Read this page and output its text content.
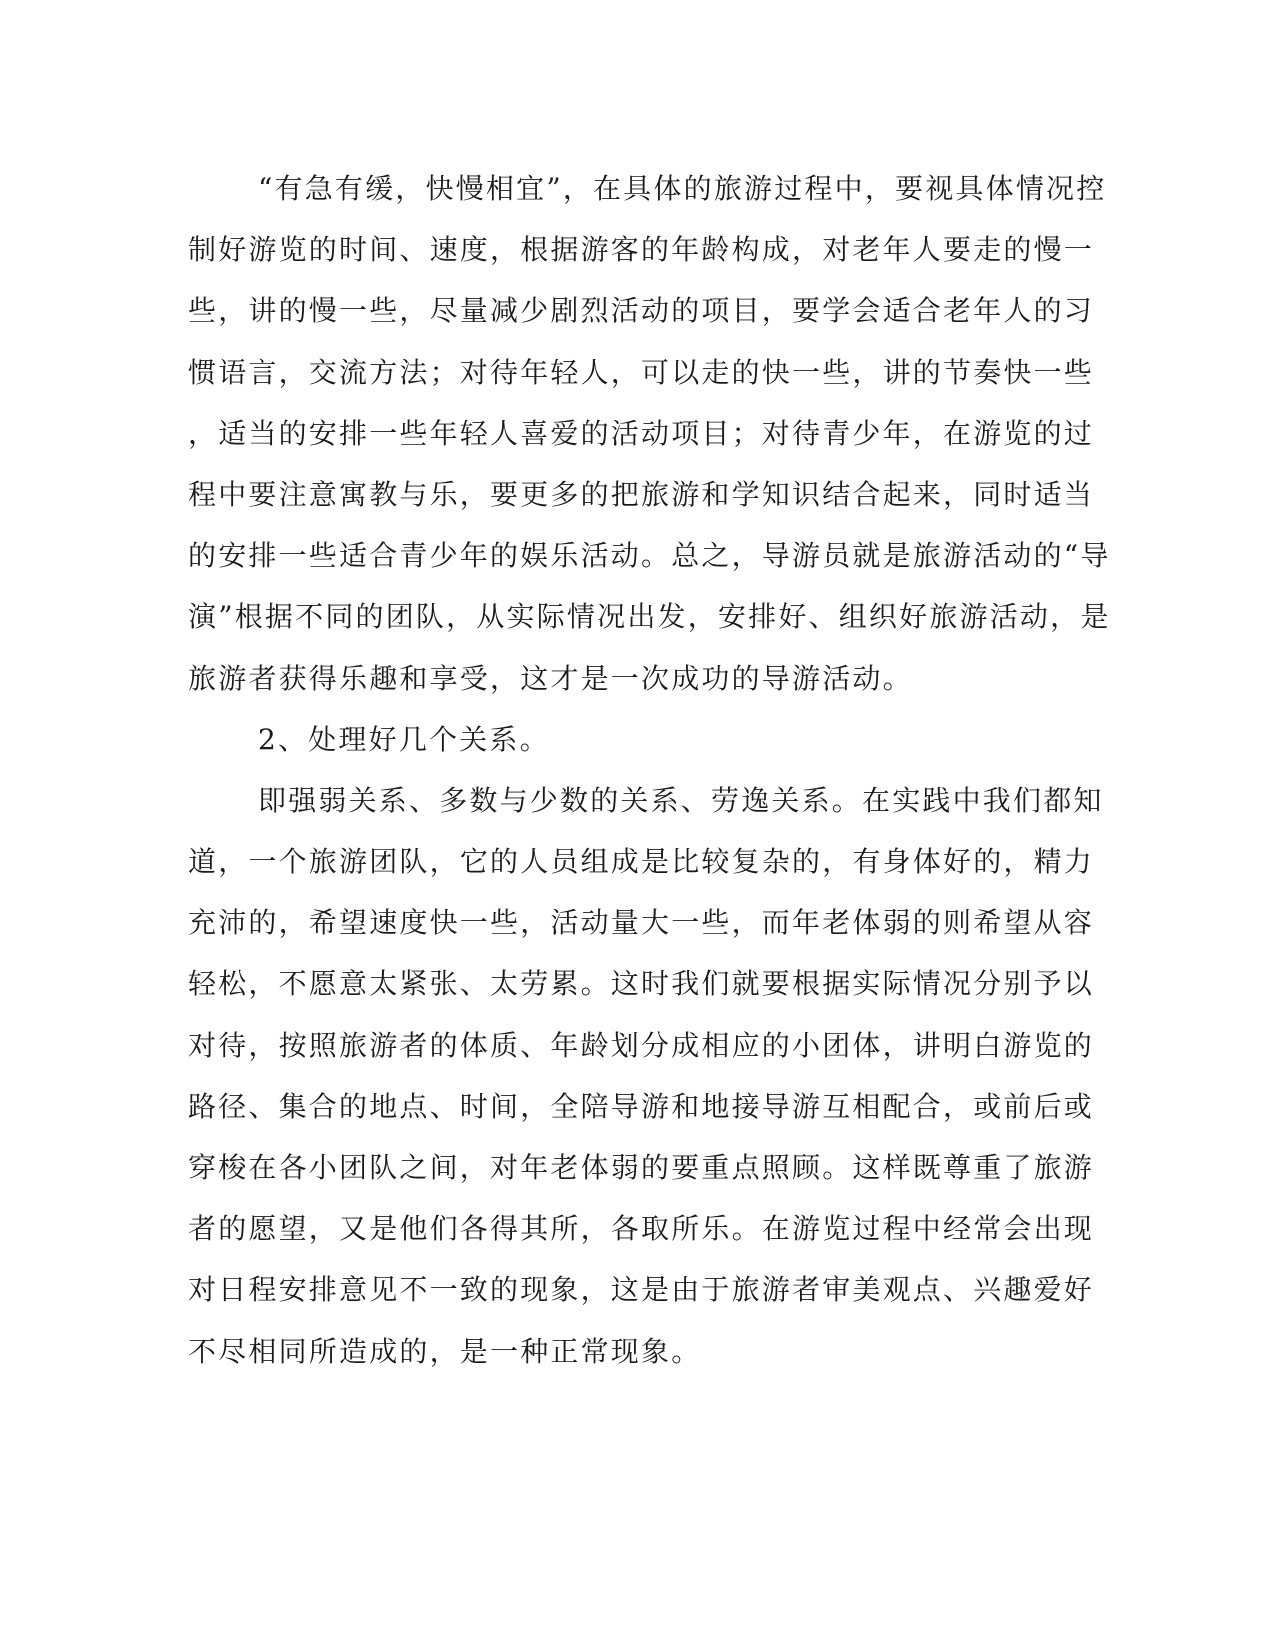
“有急有缓，快慢相宜”，在具体的旅游过程中，要视具体情况控
制好游览的时间、速度，根据游客的年龄构成，对老年人要走的慢一
些，讲的慢一些，尽量减少剧烈活动的项目，要学会适合老年人的习
惯语言，交流方法；对待年轻人，可以走的快一些，讲的节奏快一些
，适当的安排一些年轻人喜爱的活动项目；对待青少年，在游览的过
程中要注意寓教与乐，要更多的把旅游和学知识结合起来，同时适当
的安排一些适合青少年的娱乐活动。总之，导游员就是旅游活动的“导
演”根据不同的团队，从实际情况出发，安排好、组织好旅游活动，是
旅游者获得乐趣和享受，这才是一次成功的导游活动。
2、处理好几个关系。
即强弱关系、多数与少数的关系、劳逸关系。在实践中我们都知
道，一个旅游团队，它的人员组成是比较复杂的，有身体好的，精力
充沛的，希望速度快一些，活动量大一些，而年老体弱的则希望从容
轻松，不愿意太紧张、太劳累。这时我们就要根据实际情况分别予以
对待，按照旅游者的体质、年龄划分成相应的小团体，讲明白游览的
路径、集合的地点、时间，全陪导游和地接导游互相配合，或前后或
穿梭在各小团队之间，对年老体弱的要重点照顾。这样既尊重了旅游
者的愿望，又是他们各得其所，各取所乐。在游览过程中经常会出现
对日程安排意见不一致的现象，这是由于旅游者审美观点、兴趣爱好
不尽相同所造成的，是一种正常现象。
